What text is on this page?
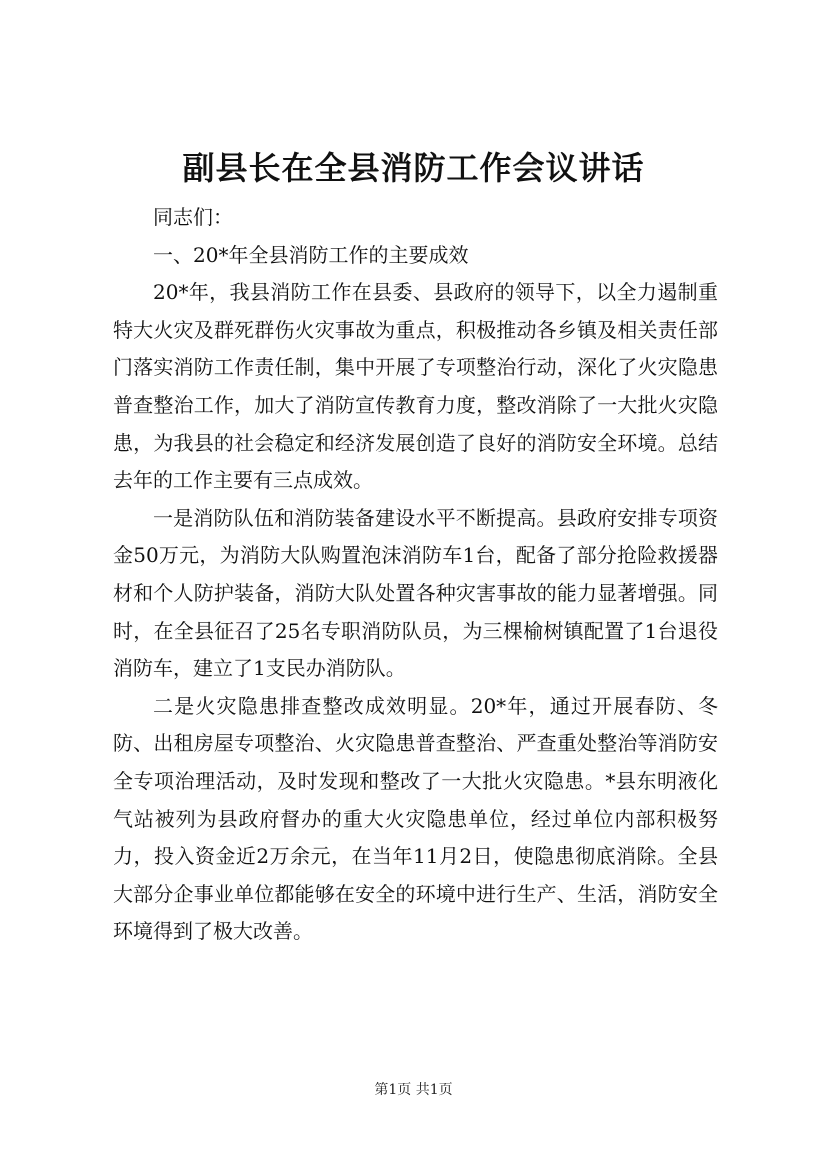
副县长在全县消防工作会议讲话

同志们：

一、20*年全县消防工作的主要成效

20*年，我县消防工作在县委、县政府的领导下，以全力遏制重特大火灾及群死群伤火灾事故为重点，积极推动各乡镇及相关责任部门落实消防工作责任制，集中开展了专项整治行动，深化了火灾隐患普查整治工作，加大了消防宣传教育力度，整改消除了一大批火灾隐患，为我县的社会稳定和经济发展创造了良好的消防安全环境。总结去年的工作主要有三点成效。

一是消防队伍和消防装备建设水平不断提高。县政府安排专项资金50万元，为消防大队购置泡沫消防车1台，配备了部分抢险救援器材和个人防护装备，消防大队处置各种灾害事故的能力显著增强。同时，在全县征召了25名专职消防队员，为三棵榆树镇配置了1台退役消防车，建立了1支民办消防队。

二是火灾隐患排查整改成效明显。20*年，通过开展春防、冬防、出租房屋专项整治、火灾隐患普查整治、严查重处整治等消防安全专项治理活动，及时发现和整改了一大批火灾隐患。*县东明液化气站被列为县政府督办的重大火灾隐患单位，经过单位内部积极努力，投入资金近2万余元，在当年11月2日，使隐患彻底消除。全县大部分企事业单位都能够在安全的环境中进行生产、生活，消防安全环境得到了极大改善。

第1页 共1页
